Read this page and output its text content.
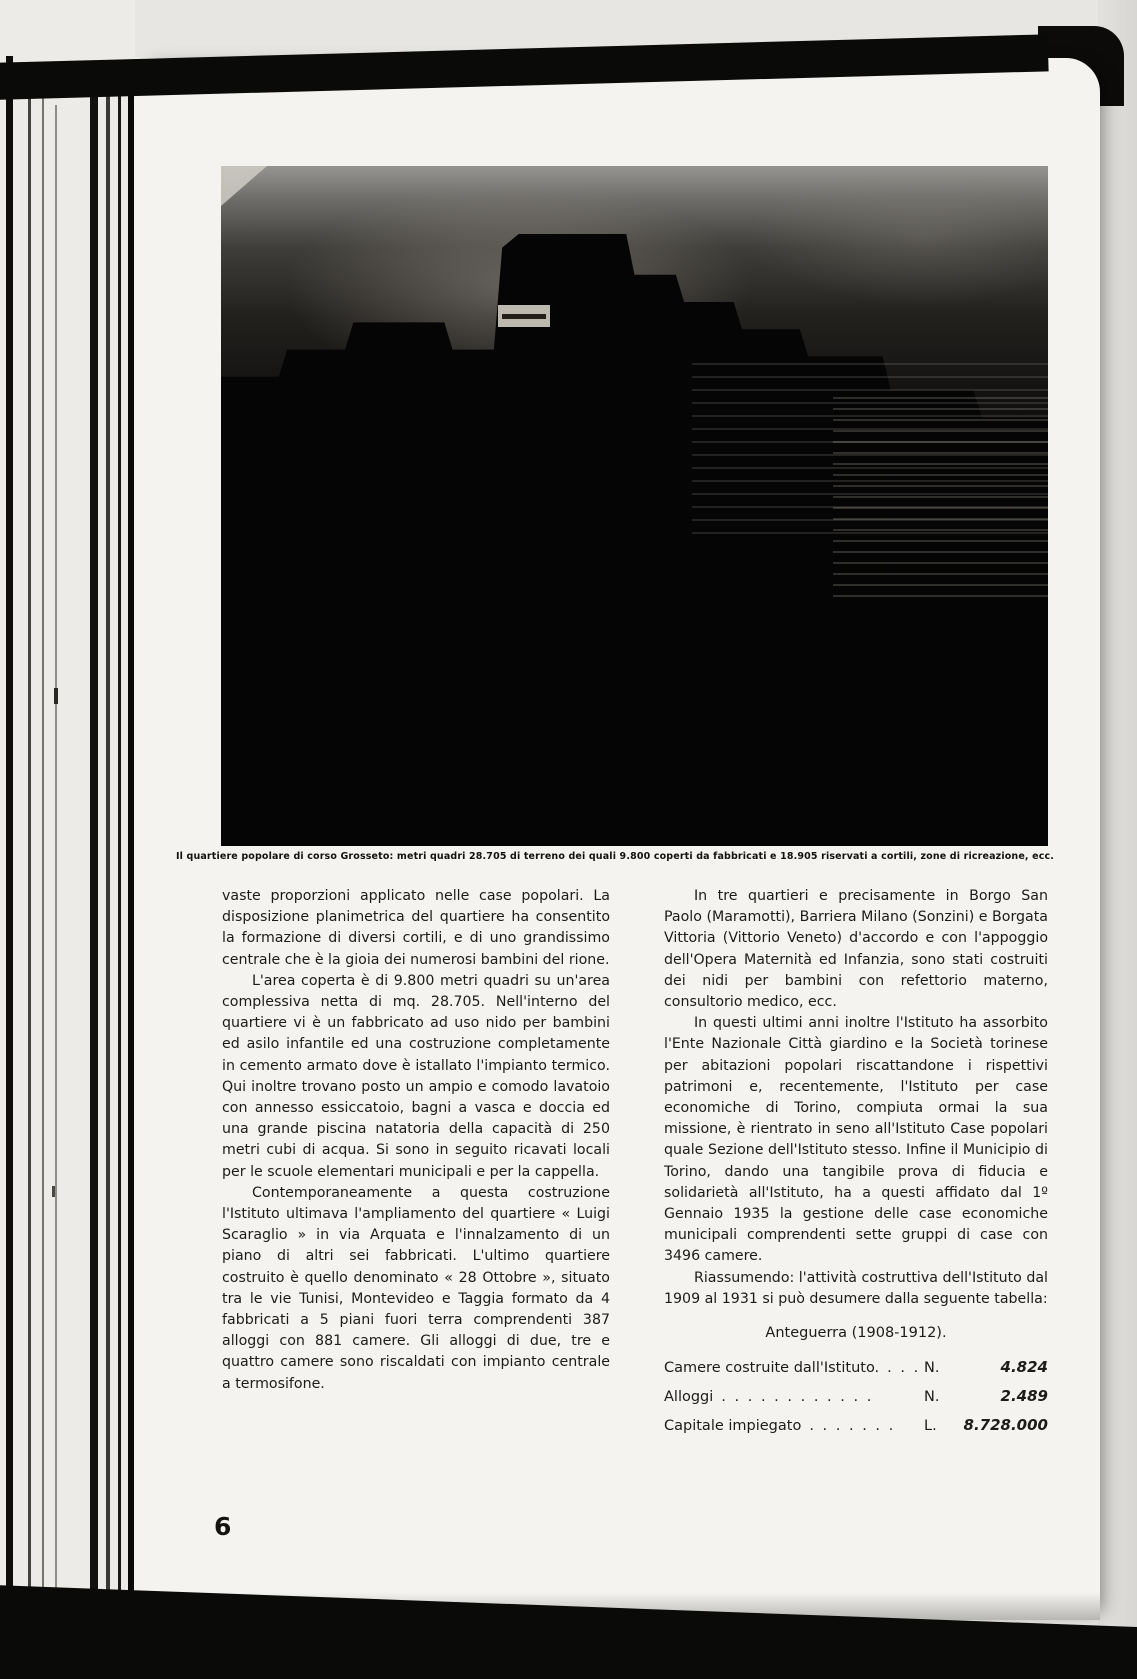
Il quartiere popolare di corso Grosseto: metri quadri 28.705 di terreno dei quali 9.800 coperti da fabbricati e 18.905 riservati a cortili, zone di ricreazione, ecc.

vaste proporzioni applicato nelle case popolari. La disposizione planimetrica del quartiere ha consentito la formazione di diversi cortili, e di uno grandissimo centrale che è la gioia dei numerosi bambini del rione.

L'area coperta è di 9.800 metri quadri su un'area complessiva netta di mq. 28.705. Nell'interno del quartiere vi è un fabbricato ad uso nido per bambini ed asilo infantile ed una costruzione completamente in cemento armato dove è istallato l'impianto termico. Qui inoltre trovano posto un ampio e comodo lavatoio con annesso essiccatoio, bagni a vasca e doccia ed una grande piscina natatoria della capacità di 250 metri cubi di acqua. Si sono in seguito ricavati locali per le scuole elementari municipali e per la cappella.

Contemporaneamente a questa costruzione l'Istituto ultimava l'ampliamento del quartiere « Luigi Scaraglio » in via Arquata e l'innalzamento di un piano di altri sei fabbricati. L'ultimo quartiere costruito è quello denominato « 28 Ottobre », situato tra le vie Tunisi, Montevideo e Taggia formato da 4 fabbricati a 5 piani fuori terra comprendenti 387 alloggi con 881 camere. Gli alloggi di due, tre e quattro camere sono riscaldati con impianto centrale a termosifone.

In tre quartieri e precisamente in Borgo San Paolo (Maramotti), Barriera Milano (Sonzini) e Borgata Vittoria (Vittorio Veneto) d'accordo e con l'appoggio dell'Opera Maternità ed Infanzia, sono stati costruiti dei nidi per bambini con refettorio materno, consultorio medico, ecc.

In questi ultimi anni inoltre l'Istituto ha assorbito l'Ente Nazionale Città giardino e la Società torinese per abitazioni popolari riscattandone i rispettivi patrimoni e, recentemente, l'Istituto per case economiche di Torino, compiuta ormai la sua missione, è rientrato in seno all'Istituto Case popolari quale Sezione dell'Istituto stesso. Infine il Municipio di Torino, dando una tangibile prova di fiducia e solidarietà all'Istituto, ha a questi affidato dal 1º Gennaio 1935 la gestione delle case economiche municipali comprendenti sette gruppi di case con 3496 camere.

Riassumendo: l'attività costruttiva dell'Istituto dal 1909 al 1931 si può desumere dalla seguente tabella:

Anteguerra (1908-1912).
Camere costruite dall'Istituto. . . . N.	4.824
Alloggi . . . . . . . . . . . .	N.	2.489
Capitale impiegato . . . . . . .	L.	8.728.000
6
